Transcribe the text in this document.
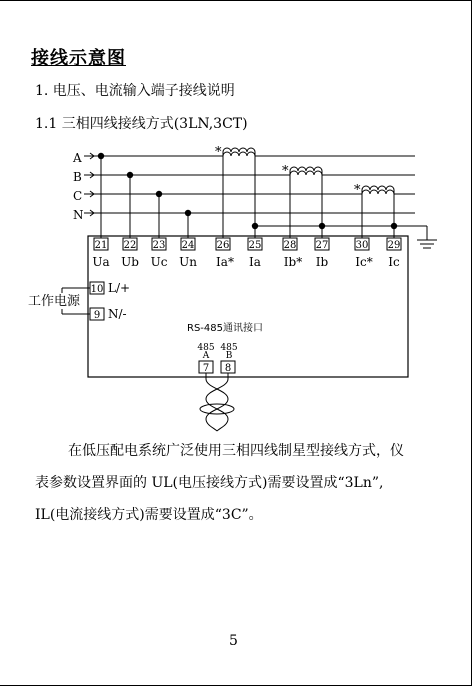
接线示意图
1. 电压、电流输入端子接线说明
1.1 三相四线接线方式(3LN,3CT)
A
B
C
N
*
*
*
21 22 23 24 26 25 28 27	30 29
Ua Ub Uc Un Ia* Ia Ib* Ib Ic* Ic
工作电源
10
9
L/+
N/-
RS-485通讯接口
485
A
485
B
7 8
在低压配电系统广泛使用三相四线制星型接线方式，仪
表参数设置界面的 UL(电压接线方式)需要设置成“3Ln”,
IL(电流接线方式)需要设置成“3C”。
5
